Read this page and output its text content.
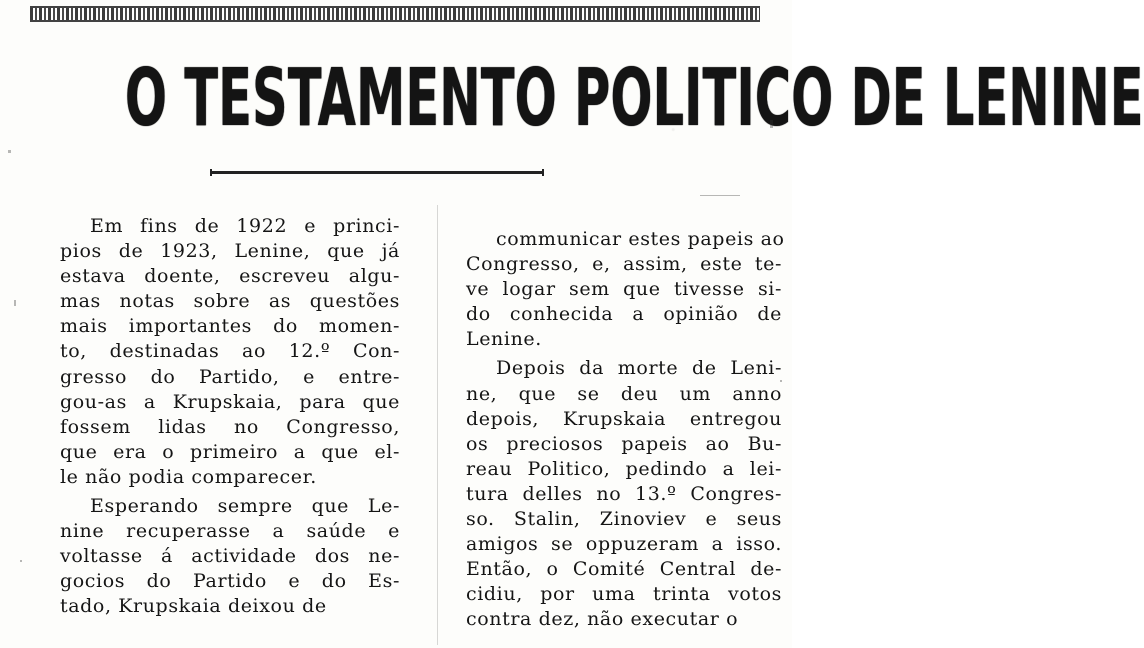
O TESTAMENTO POLITICO DE LENINE
Em fins de 1922 e princi-
pios de 1923, Lenine, que já
estava doente, escreveu algu-
mas notas sobre as questões
mais importantes do momen-
to, destinadas ao 12.º Con-
gresso do Partido, e entre-
gou-as a Krupskaia, para que
fossem lidas no Congresso,
que era o primeiro a que el-
le não podia comparecer.
Esperando sempre que Le-
nine recuperasse a saúde e
voltasse á actividade dos ne-
gocios do Partido e do Es-
tado, Krupskaia deixou de
communicar estes papeis ao
Congresso, e, assim, este te-
ve logar sem que tivesse si-
do conhecida a opinião de
Lenine.
Depois da morte de Leni-
ne, que se deu um anno
depois, Krupskaia entregou
os preciosos papeis ao Bu-
reau Politico, pedindo a lei-
tura delles no 13.º Congres-
so. Stalin, Zinoviev e seus
amigos se oppuzeram a isso.
Então, o Comité Central de-
cidiu, por uma trinta votos
contra dez, não executar o
